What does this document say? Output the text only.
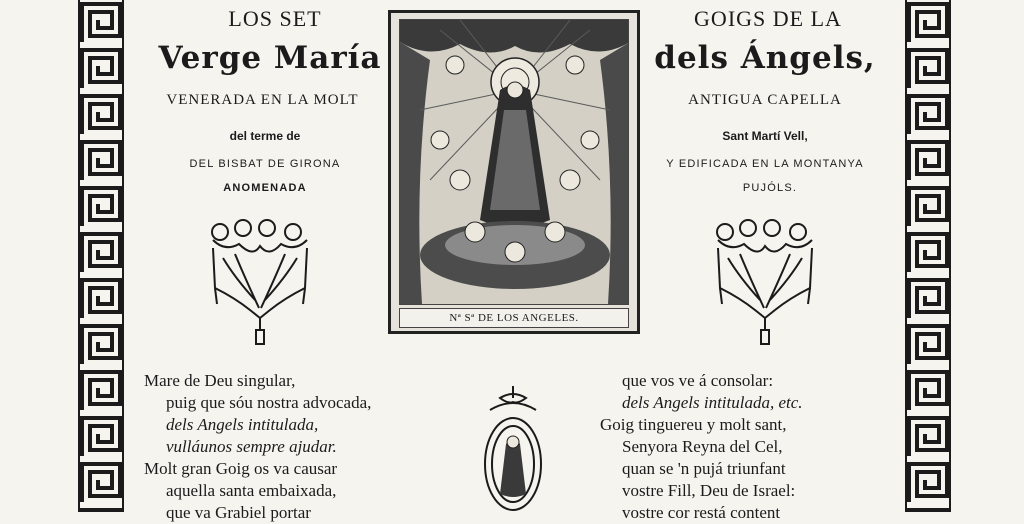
LOS SET
Verge María
VENERADA EN LA MOLT
del terme de
DEL BISBAT DE GIRONA
ANOMENADA
GOIGS DE LA
dels Ángels,
ANTIGUA CAPELLA
Sant Martí Vell,
Y EDIFICADA EN LA MONTANYA
PUJÓLS.
Nª Sª DE LOS ANGELES.
Mare de Deu singular,
puig que sóu nostra advocada,
dels Angels intitulada,
vulláunos sempre ajudar.
Molt gran Goig os va causar
aquella santa embaixada,
que va Grabiel portar
que vos ve á consolar:
dels Angels intitulada, etc.
Goig tinguereu y molt sant,
Senyora Reyna del Cel,
quan se 'n pujá triunfant
vostre Fill, Deu de Israel:
vostre cor restá content
